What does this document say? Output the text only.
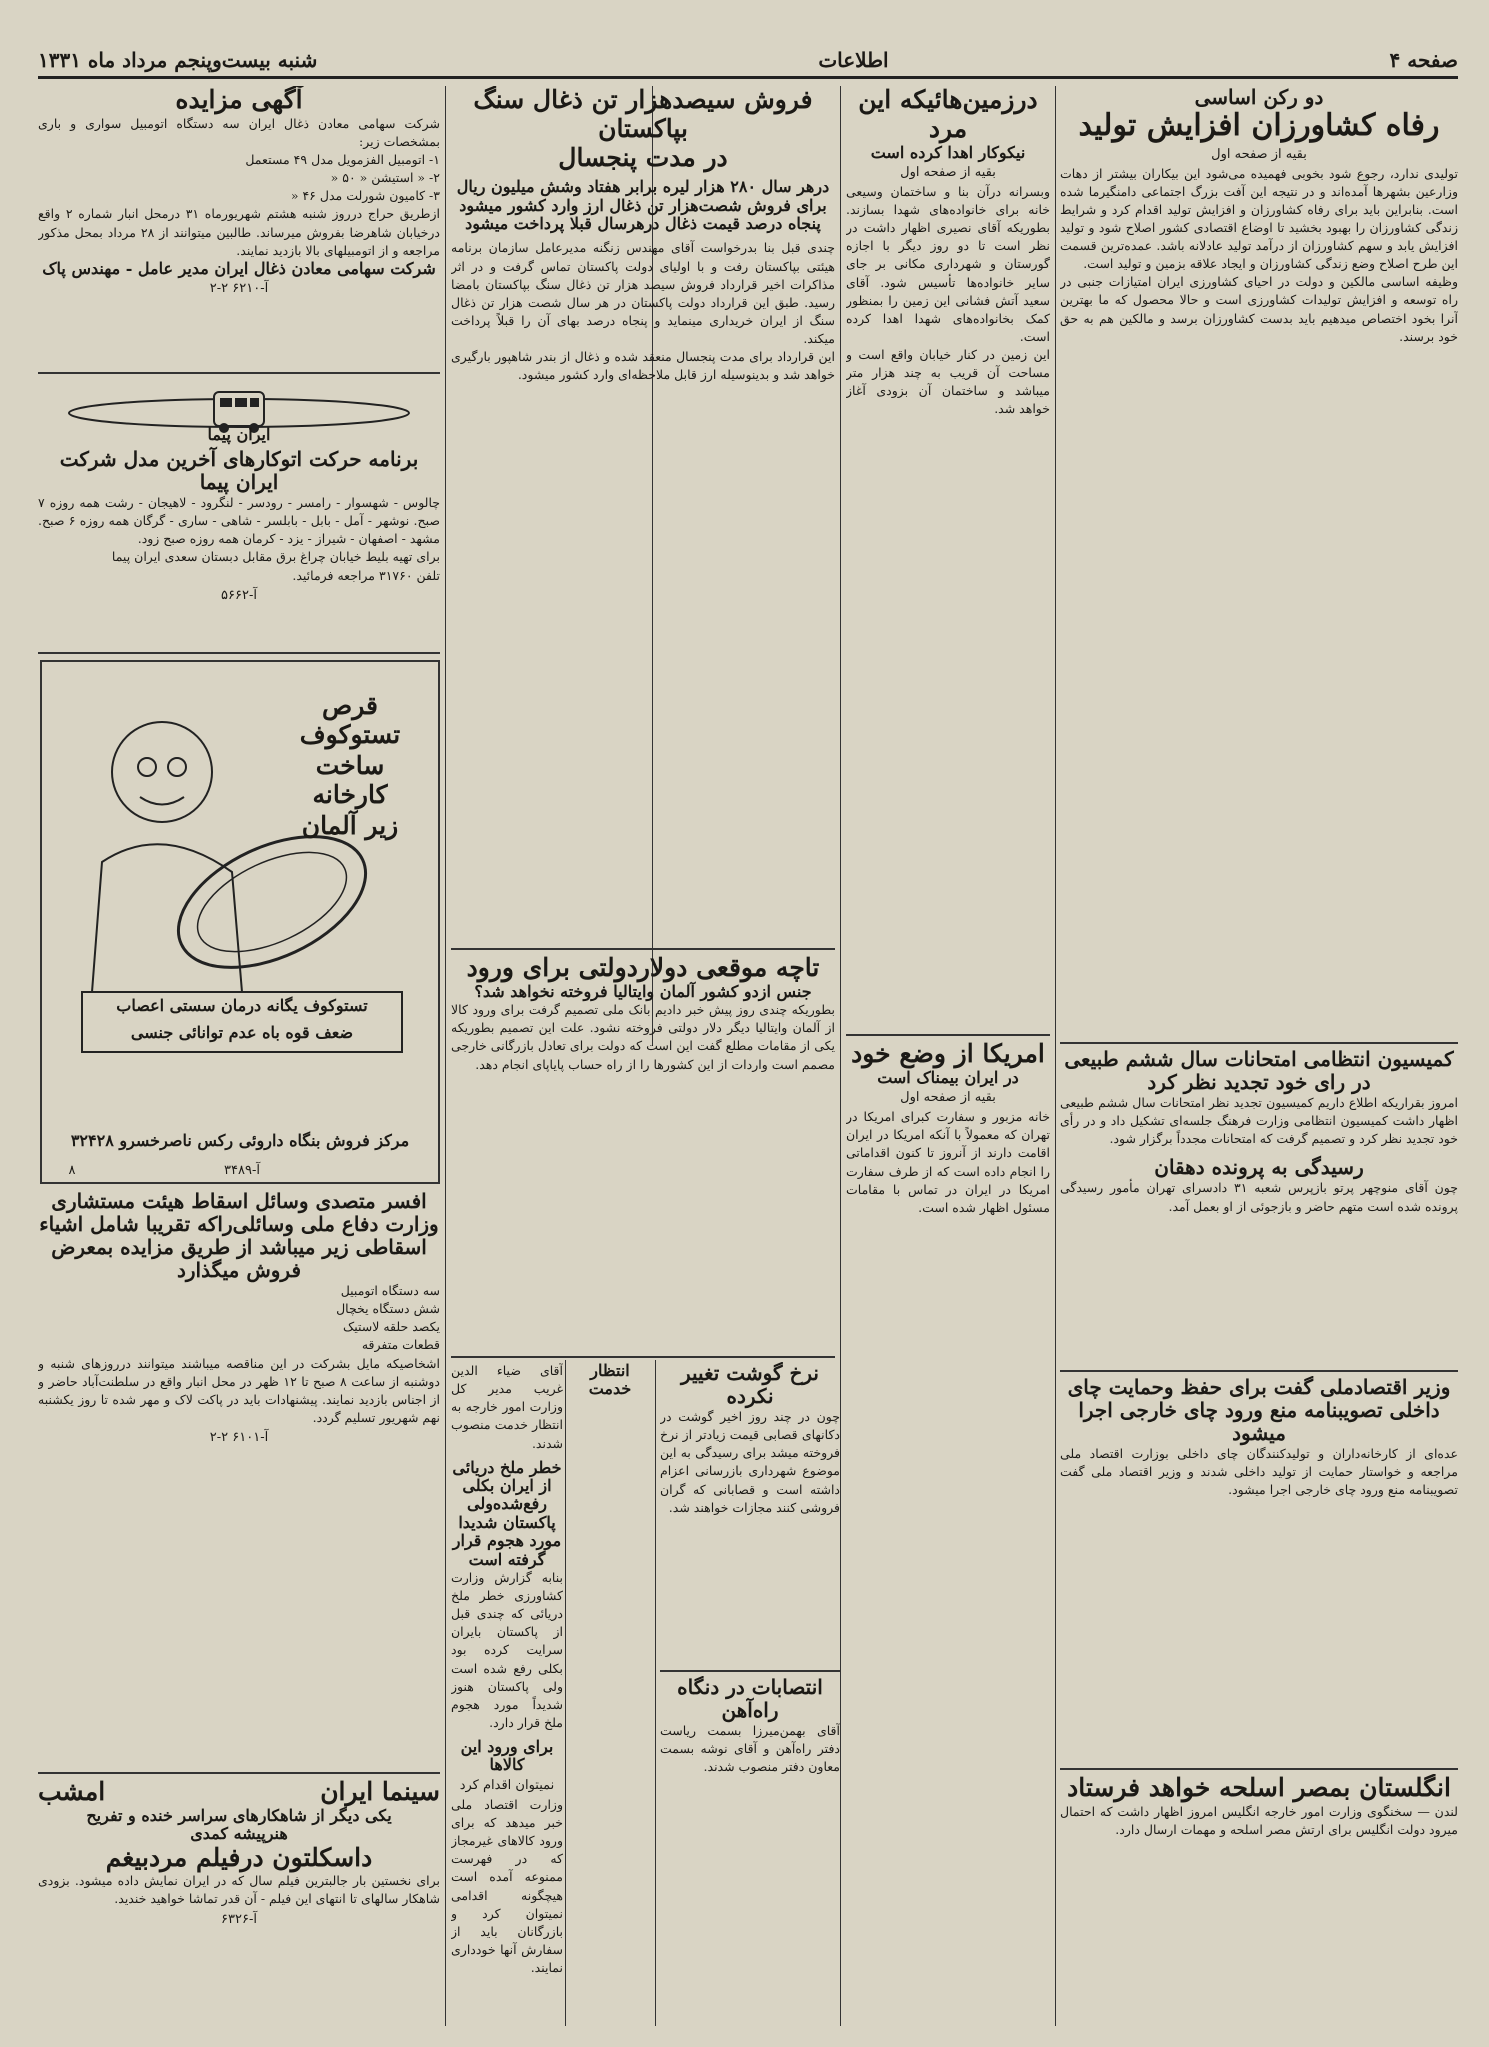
صفحه ۴
اطلاعات
شنبه بیست‌وپنجم مرداد ماه ۱۳۳۱
دو رکن اساسی
رفاه کشاورزان افزایش تولید
بقیه از صفحه اول

تولیدی ندارد، رجوع شود بخوبی فهمیده می‌شود این بیکاران بیشتر از دهات وزارعین بشهرها آمده‌اند و در نتیجه این آفت بزرگ اجتماعی دامنگیرما شده است. بنابراین باید برای رفاه کشاورزان و افزایش تولید اقدام کرد و شرایط زندگی کشاورزان را بهبود بخشید تا اوضاع اقتصادی کشور اصلاح شود و تولید افزایش یابد و سهم کشاورزان از درآمد تولید عادلانه باشد. عمده‌ترین قسمت این طرح اصلاح وضع زندگی کشاورزان و ایجاد علاقه بزمین و تولید است.

وظیفه اساسی مالکین و دولت در احیای کشاورزی ایران امتیازات جنبی در راه توسعه و افزایش تولیدات کشاورزی است و حالا محصول که ما بهترین آنرا بخود اختصاص میدهیم باید بدست کشاورزان برسد و مالکین هم به حق خود برسند.

کمیسیون انتظامی امتحانات سال ششم طبیعی در رای خود تجدید نظر کرد

امروز بقراریکه اطلاع داریم کمیسیون تجدید نظر امتحانات سال ششم طبیعی اظهار داشت کمیسیون انتظامی وزارت فرهنگ جلسه‌ای تشکیل داد و در رأی خود تجدید نظر کرد و تصمیم گرفت که امتحانات مجدداً برگزار شود.

رسیدگی به پرونده دهقان

چون آقای منوچهر پرتو بازپرس شعبه ۳۱ دادسرای تهران مأمور رسیدگی پرونده شده است متهم حاضر و بازجوئی از او بعمل آمد.

وزیر اقتصادملی گفت برای حفظ وحمایت چای داخلی تصویبنامه منع ورود چای خارجی اجرا میشود

عده‌ای از کارخانه‌داران و تولیدکنندگان چای داخلی بوزارت اقتصاد ملی مراجعه و خواستار حمایت از تولید داخلی شدند و وزیر اقتصاد ملی گفت تصویبنامه منع ورود چای خارجی اجرا میشود.

انگلستان بمصر اسلحه خواهد فرستاد

لندن — سخنگوی وزارت امور خارجه انگلیس امروز اظهار داشت که احتمال میرود دولت انگلیس برای ارتش مصر اسلحه و مهمات ارسال دارد.

درزمین‌هائیکه این مرد
نیکوکار اهدا کرده است
بقیه از صفحه اول

وبسرانه درآن بنا و ساختمان وسیعی خانه برای خانواده‌های شهدا بسازند. بطوریکه آقای نصیری اظهار داشت در نظر است تا دو روز دیگر با اجازه گورستان و شهرداری مکانی بر جای سایر خانواده‌ها تأسیس شود. آقای سعید آتش فشانی این زمین را بمنظور کمک بخانواده‌های شهدا اهدا کرده است.

این زمین در کنار خیابان واقع است و مساحت آن قریب به چند هزار متر میباشد و ساختمان آن بزودی آغاز خواهد شد.

امریکا از وضع خود
در ایران بیمناک است
بقیه از صفحه اول

خانه مزبور و سفارت کبرای امریکا در تهران که معمولاً با آنکه امریکا در ایران اقامت دارند از آنروز تا کنون اقداماتی را انجام داده است که از طرف سفارت امریکا در ایران در تماس با مقامات مسئول اظهار شده است.

فروش سیصدهزار تن ذغال سنگ بپاکستان
در مدت پنجسال
درهر سال ۲۸۰ هزار لیره برابر هفتاد وشش میلیون ریال برای فروش شصت‌هزار تن ذغال ارز وارد کشور میشود
پنجاه درصد قیمت ذغال درهرسال قبلا پرداخت میشود

چندی قبل بنا بدرخواست آقای مهندس زنگنه مدیرعامل سازمان برنامه هیئتی بپاکستان رفت و با اولیای دولت پاکستان تماس گرفت و در اثر مذاکرات اخیر قرارداد فروش سیصد هزار تن ذغال سنگ بپاکستان بامضا رسید. طبق این قرارداد دولت پاکستان در هر سال شصت هزار تن ذغال سنگ از ایران خریداری مینماید و پنجاه درصد بهای آن را قبلاً پرداخت میکند.

این قرارداد برای مدت پنجسال منعقد شده و ذغال از بندر شاهپور بارگیری خواهد شد و بدینوسیله ارز قابل ملاحظه‌ای وارد کشور میشود.

تاچه موقعی دولاردولتی برای ورود
جنس ازدو کشور آلمان وایتالیا فروخته نخواهد شد؟

بطوریکه چندی روز پیش خبر دادیم بانک ملی تصمیم گرفت برای ورود کالا از آلمان وایتالیا دیگر دلار دولتی فروخته نشود. علت این تصمیم بطوریکه یکی از مقامات مطلع گفت این است که دولت برای تعادل بازرگانی خارجی مصمم است واردات از این کشورها را از راه حساب پایاپای انجام دهد.

نرخ گوشت تغییر نکرده

چون در چند روز اخیر گوشت در دکانهای قصابی قیمت زیادتر از نرخ فروخته میشد برای رسیدگی به این موضوع شهرداری بازرسانی اعزام داشته است و قصابانی که گران فروشی کنند مجازات خواهند شد.

انتصابات در دنگاه راه‌آهن

آقای بهمن‌میرزا بسمت ریاست دفتر راه‌آهن و آقای نوشه بسمت معاون دفتر منصوب شدند.

انتظار خدمت

آقای ضیاء الدین غریب مدیر کل وزارت امور خارجه به انتظار خدمت منصوب شدند.

خطر ملخ دریائی از ایران بکلی رفع‌شده‌ولی پاکستان شدیدا مورد هجوم قرار گرفته است

بنابه گزارش وزارت کشاورزی خطر ملخ دریائی که چندی قبل از پاکستان بایران سرایت کرده بود بکلی رفع شده است ولی پاکستان هنوز شدیداً مورد هجوم ملخ قرار دارد.

برای ورود این کالاها
نمیتوان اقدام کرد

وزارت اقتصاد ملی خبر میدهد که برای ورود کالاهای غیرمجاز که در فهرست ممنوعه آمده است هیچگونه اقدامی نمیتوان کرد و بازرگانان باید از سفارش آنها خودداری نمایند.

آگهی مزایده

شرکت سهامی معادن ذغال ایران سه دستگاه اتومبیل سواری و باری بمشخصات زیر:

۱- اتومبیل الفزمویل مدل ۴۹ مستعمل
۲- « استیشن « ۵۰ «
۳- کامیون شورلت مدل ۴۶ «

ازطریق حراج درروز شنبه هشتم شهریورماه ۳۱ درمحل انبار شماره ۲ واقع درخیابان شاهرضا بفروش میرساند. طالبین میتوانند از ۲۸ مرداد بمحل مذکور مراجعه و از اتومبیلهای بالا بازدید نمایند.

شرکت سهامی معادن ذغال ایران مدیر عامل - مهندس پاک
آ-۶۲۱۰ ۲-۲
ایران پیما
برنامه حرکت اتوکارهای آخرین مدل شرکت ایران پیما

چالوس - شهسوار - رامسر - رودسر - لنگرود - لاهیجان - رشت همه روزه ۷ صبح. نوشهر - آمل - بابل - بابلسر - شاهی - ساری - گرگان همه روزه ۶ صبح. مشهد - اصفهان - شیراز - یزد - کرمان همه روزه صبح زود.

برای تهیه بلیط خیابان چراغ برق مقابل دبستان سعدی ایران پیما

تلفن ۳۱۷۶۰ مراجعه فرمائید.
آ-۵۶۶۲
قرص تستوکوف
ساخت کارخانه
زیر آلمان
تستوکوف یگانه درمان سستی اعصاب
ضعف قوه باه عدم توانائی جنسی
مرکز فروش بنگاه داروئی رکس ناصرخسرو ۳۲۴۲۸
آ-۳۴۸۹
۸
افسر متصدی وسائل اسقاط هیئت مستشاری وزارت دفاع ملی وسائلی‌راکه تقریبا شامل اشیاء اسقاطی زیر میباشد از طریق مزایده بمعرض فروش میگذارد
سه دستگاه اتومبیل
شش دستگاه یخچال
یکصد حلقه لاستیک
قطعات متفرقه

اشخاصیکه مایل بشرکت در این مناقصه میباشند میتوانند درروزهای شنبه و دوشنبه از ساعت ۸ صبح تا ۱۲ ظهر در محل انبار واقع در سلطنت‌آباد حاضر و از اجناس بازدید نمایند. پیشنهادات باید در پاکت لاک و مهر شده تا روز یکشنبه نهم شهریور تسلیم گردد.

آ-۶۱۰۱ ۲-۲
سینما ایران
امشب
یکی دیگر از شاهکارهای سراسر خنده و تفریح
هنرپیشه کمدی
داسکلتون درفیلم مردبیغم

برای نخستین بار جالبترین فیلم سال که در ایران نمایش داده میشود. بزودی شاهکار سالهای تا انتهای این فیلم - آن قدر تماشا خواهید خندید.

آ-۶۳۲۶
